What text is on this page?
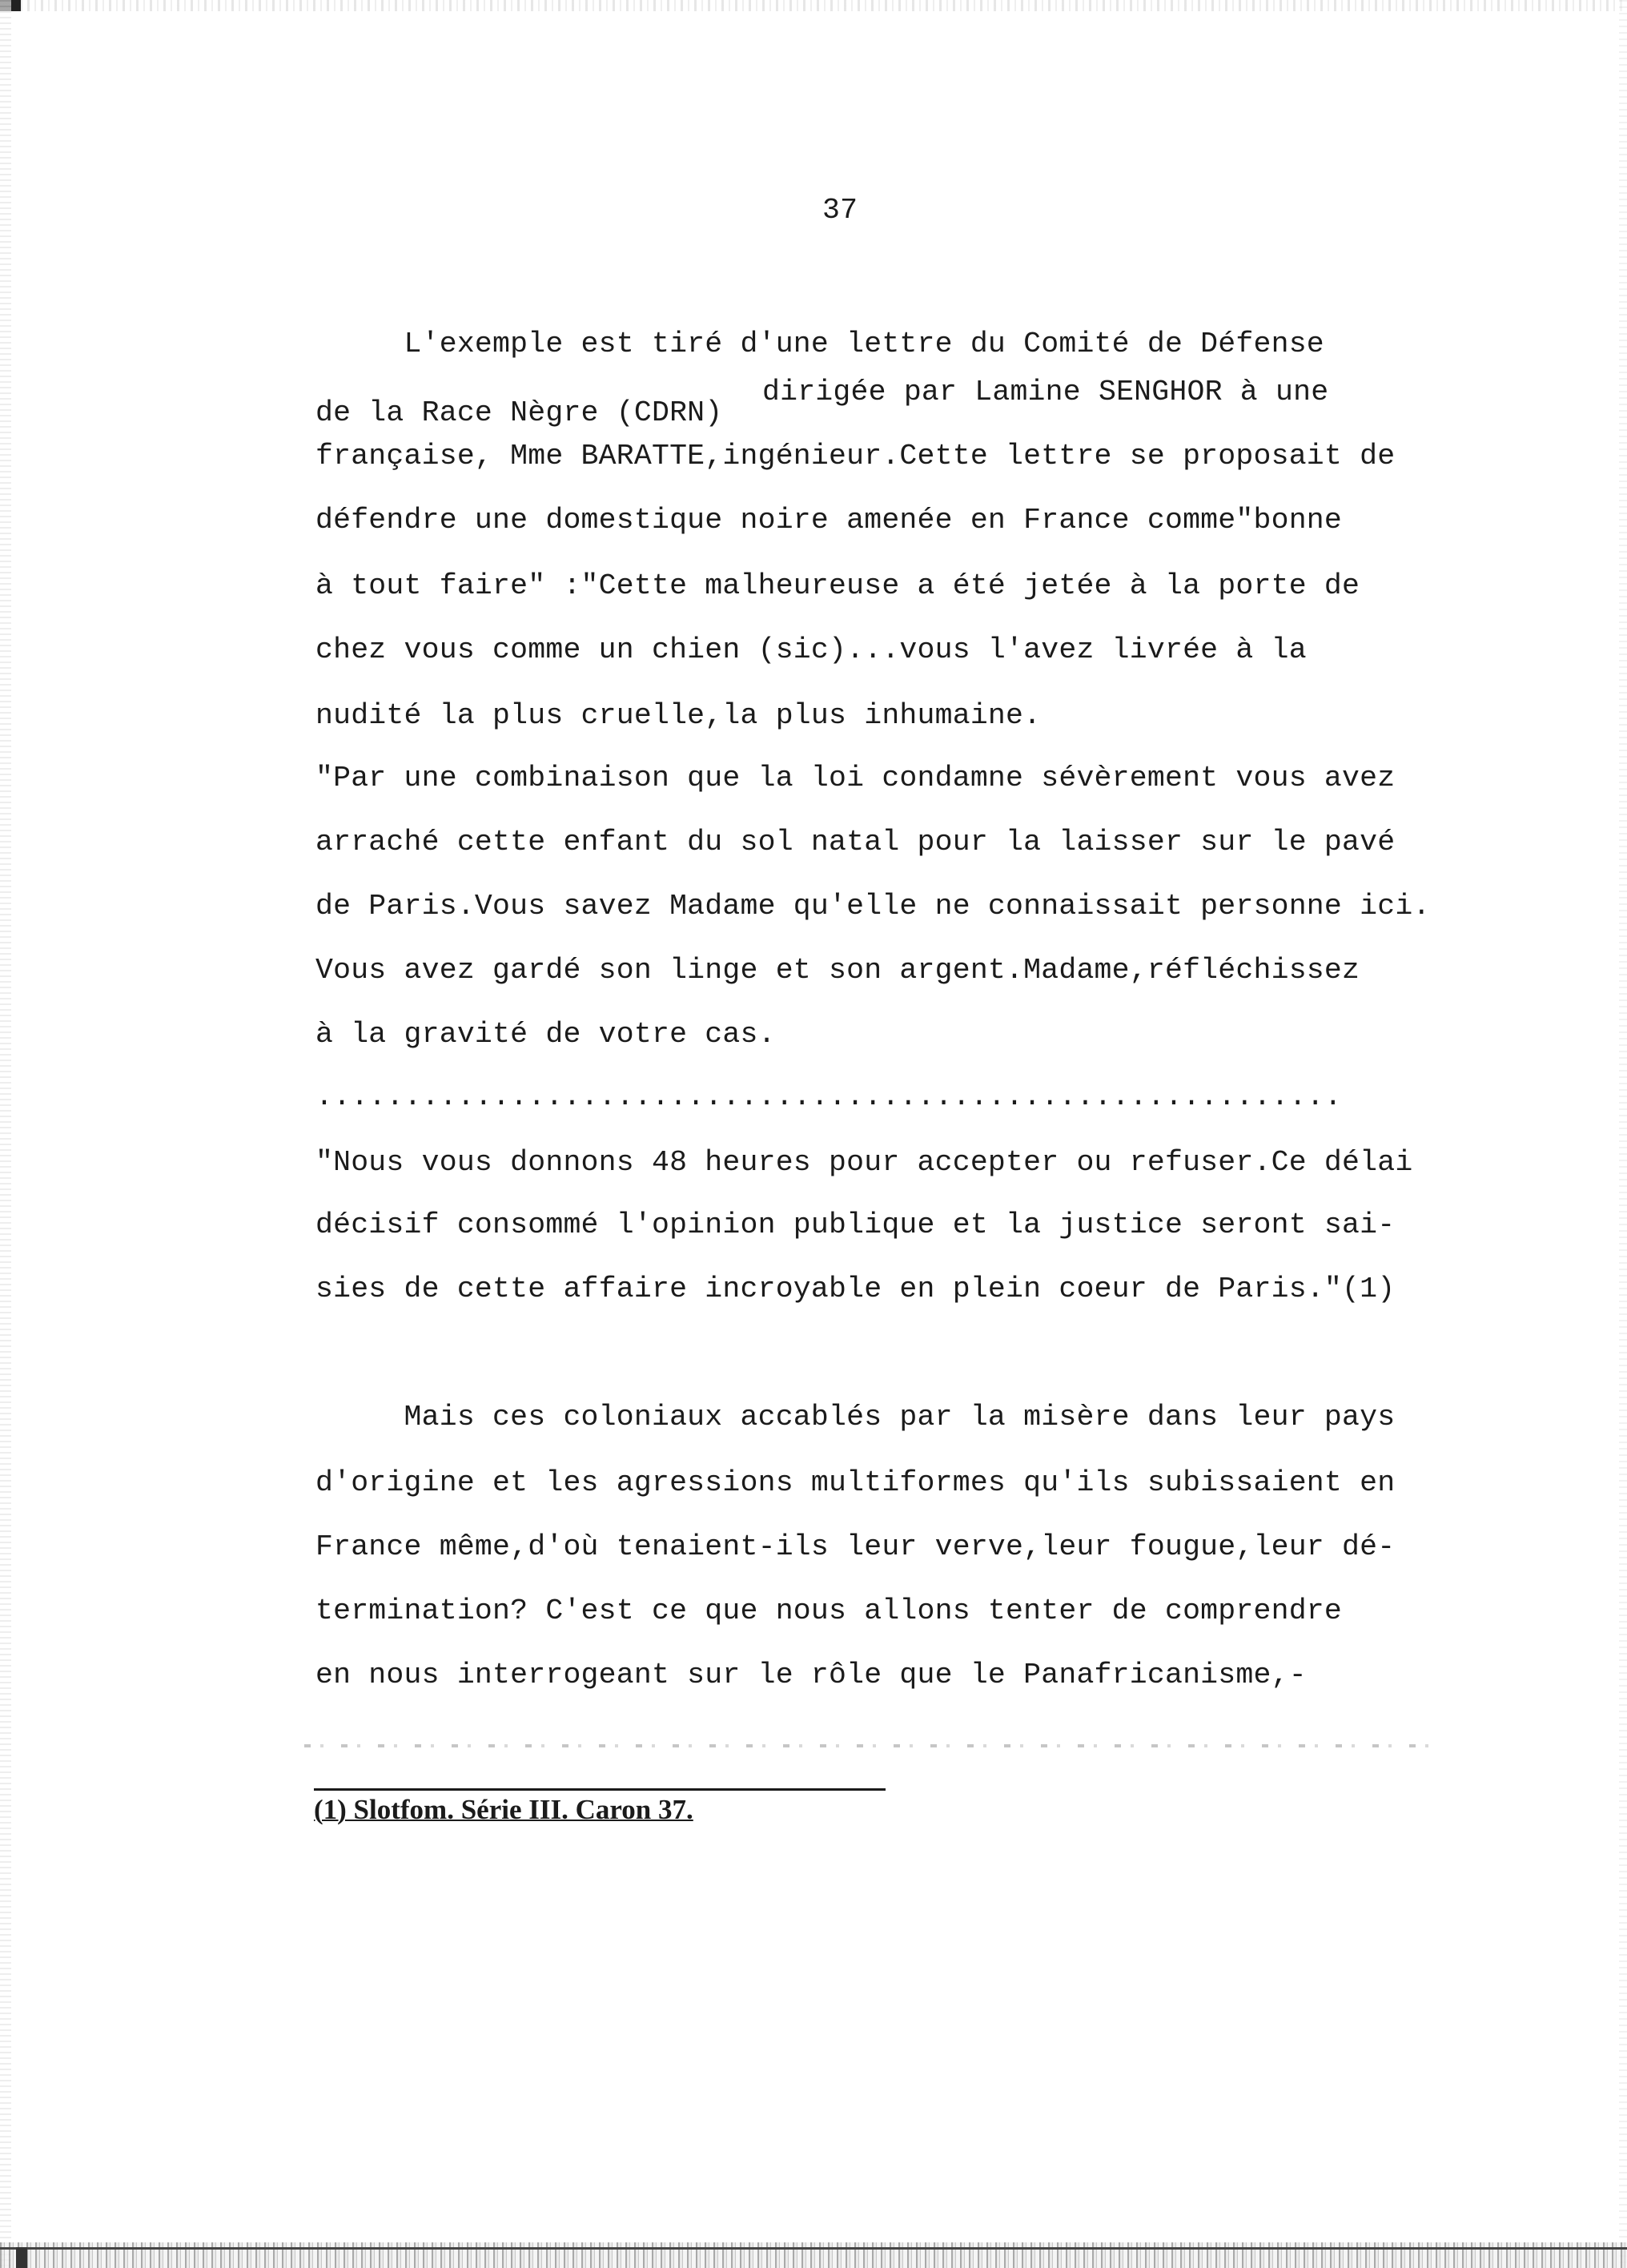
37
L'exemple est tiré d'une lettre du Comité de Défense
de la Race Nègre (CDRN)
dirigée par Lamine SENGHOR à une
française, Mme BARATTE,ingénieur.Cette lettre se proposait de
défendre une domestique noire amenée en France comme"bonne
à tout faire" :"Cette malheureuse a été jetée à la porte de
chez vous comme un chien (sic)...vous l'avez livrée à la
nudité la plus cruelle,la plus inhumaine.
"Par une combinaison que la loi condamne sévèrement vous avez
arraché cette enfant du sol natal pour la laisser sur le pavé
de Paris.Vous savez Madame qu'elle ne connaissait personne ici.
Vous avez gardé son linge et son argent.Madame,réfléchissez
à la gravité de votre cas.
..........................................................
"Nous vous donnons 48 heures pour accepter ou refuser.Ce délai
décisif consommé l'opinion publique et la justice seront sai-
sies de cette affaire incroyable en plein coeur de Paris."(1)
Mais ces coloniaux accablés par la misère dans leur pays
d'origine et les agressions multiformes qu'ils subissaient en
France même,d'où tenaient-ils leur verve,leur fougue,leur dé-
termination? C'est ce que nous allons tenter de comprendre
en nous interrogeant sur le rôle que le Panafricanisme,-
(1) Slotfom. Série III. Caron 37.
